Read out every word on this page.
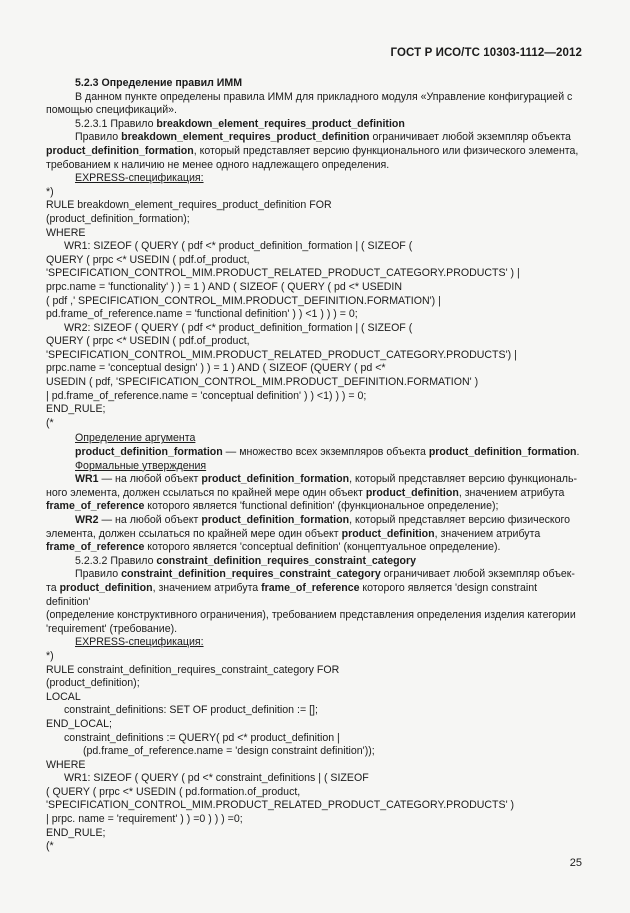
ГОСТ Р ИСО/ТС 10303-1112—2012

5.2.3 Определение правил ИММ

В данном пункте определены правила ИММ для прикладного модуля «Управление конфигурацией с

помощью спецификаций».

5.2.3.1 Правило breakdown_element_requires_product_definition

Правило breakdown_element_requires_product_definition ограничивает любой экземпляр объекта

product_definition_formation, который представляет версию функционального или физического элемента,

требованием к наличию не менее одного надлежащего определения.

EXPRESS-спецификация:

*)

RULE breakdown_element_requires_product_definition FOR

(product_definition_formation);

WHERE

WR1: SIZEOF ( QUERY ( pdf <* product_definition_formation | ( SIZEOF (

QUERY ( prpc <* USEDIN ( pdf.of_product,

'SPECIFICATION_CONTROL_MIM.PRODUCT_RELATED_PRODUCT_CATEGORY.PRODUCTS' ) |

prpc.name = 'functionality' ) ) = 1 ) AND ( SIZEOF ( QUERY ( pd <* USEDIN

( pdf ,' SPECIFICATION_CONTROL_MIM.PRODUCT_DEFINITION.FORMATION') |

pd.frame_of_reference.name = 'functional definition' ) ) <1 ) ) ) = 0;

WR2: SIZEOF ( QUERY ( pdf <* product_definition_formation | ( SIZEOF (

QUERY ( prpc <* USEDIN ( pdf.of_product,

'SPECIFICATION_CONTROL_MIM.PRODUCT_RELATED_PRODUCT_CATEGORY.PRODUCTS') |

prpc.name = 'conceptual design' ) ) = 1 ) AND ( SIZEOF (QUERY ( pd <*

USEDIN ( pdf, 'SPECIFICATION_CONTROL_MIM.PRODUCT_DEFINITION.FORMATION' )

| pd.frame_of_reference.name = 'conceptual definition' ) ) <1) ) ) = 0;

END_RULE;

(*

Определение аргумента

product_definition_formation — множество всех экземпляров объекта product_definition_formation.

Формальные утверждения

WR1 — на любой объект product_definition_formation, который представляет версию функциональ-

ного элемента, должен ссылаться по крайней мере один объект product_definition, значением атрибута

frame_of_reference которого является 'functional definition' (функциональное определение);

WR2 — на любой объект product_definition_formation, который представляет версию физического

элемента, должен ссылаться по крайней мере один объект product_definition, значением атрибута

frame_of_reference которого является 'conceptual definition' (концептуальное определение).

5.2.3.2 Правило constraint_definition_requires_constraint_category

Правило constraint_definition_requires_constraint_category ограничивает любой экземпляр объек-

та product_definition, значением атрибута frame_of_reference которого является 'design constraint definition'

(определение конструктивного ограничения), требованием представления определения изделия категории

'requirement' (требование).

EXPRESS-спецификация:

*)

RULE constraint_definition_requires_constraint_category FOR

(product_definition);

LOCAL

constraint_definitions: SET OF product_definition := [];

END_LOCAL;

constraint_definitions := QUERY( pd <* product_definition |

(pd.frame_of_reference.name = 'design constraint definition'));

WHERE

WR1: SIZEOF ( QUERY ( pd <* constraint_definitions | ( SIZEOF

( QUERY ( prpc <* USEDIN ( pd.formation.of_product,

'SPECIFICATION_CONTROL_MIM.PRODUCT_RELATED_PRODUCT_CATEGORY.PRODUCTS' )

| prpc. name = 'requirement' ) ) =0 ) ) ) =0;

END_RULE;

(*

25
